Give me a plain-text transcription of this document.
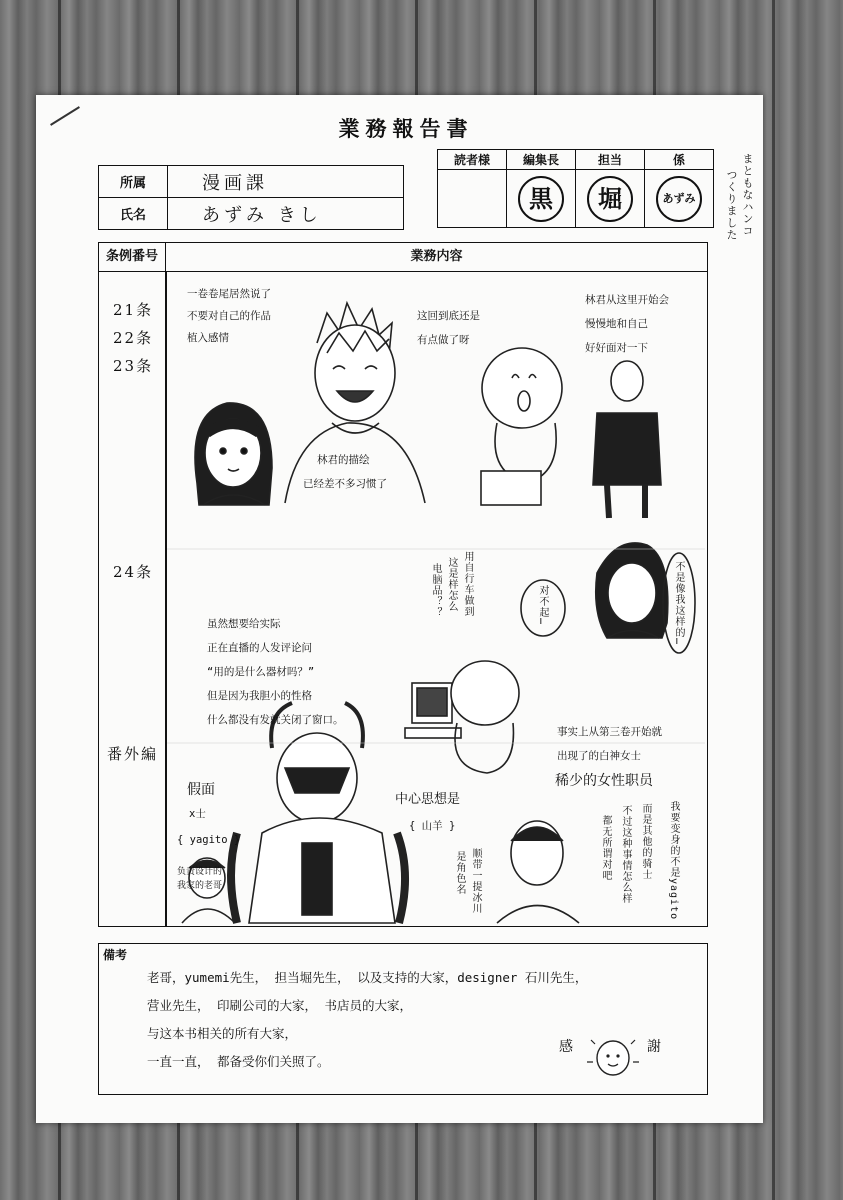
業務報告書
所属	漫画課
氏名	あずみ きし
読者様	編集長	担当	係
	黒	堀	あずみ	まともなハンコ
つくりました
条例番号	業務内容
21条
22条
23条
24条
番外編
一卷卷尾居然说了
不要对自己的作品
植入感情
这回到底还是
有点做了呀
林君从这里开始会
慢慢地和自己
好好面对一下
林君的描绘
已经差不多习惯了
虽然想要给实际
正在直播的人发评论问
“用的是什么器材吗？”
但是因为我胆小的性格
什么都没有发就关闭了窗口。
电脑品？？ 这是样怎么 用自行车做到	对不起…	不是像我这样的…
事实上从第三卷开始就
出现了的白神女士
稀少的女性职员
假面
x士
{ yagito }
中心思想是
{ 山羊 }
负责设计的
我家的老哥	是角色名 顺带一提冰川	都无所谓对吧 不过这种事情怎么样 而是其他的骑士 我要变身的不是yagito
備考
老哥，yumemi先生， 担当堀先生， 以及支持的大家，designer 石川先生，
营业先生， 印刷公司的大家， 书店员的大家，
与这本书相关的所有大家，
一直一直， 都备受你们关照了。
感	謝
